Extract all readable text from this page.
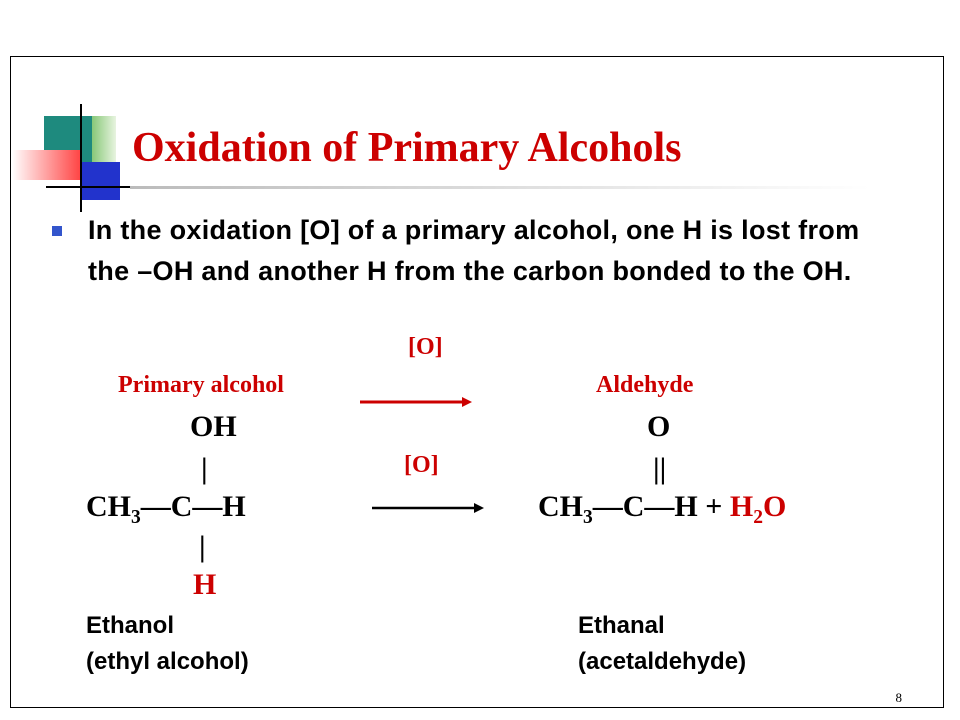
Oxidation of Primary Alcohols

In the oxidation [O] of a primary alcohol, one H is lost from the –OH and another H from the carbon bonded to the OH.

[O]

Primary alcohol	Aldehyde

OH

|

$CH_3—C—H$

|

H

[O]

O

||

$CH_3—C—H + H_2O$

Ethanol

(ethyl alcohol)

Ethanal

(acetaldehyde)

8
